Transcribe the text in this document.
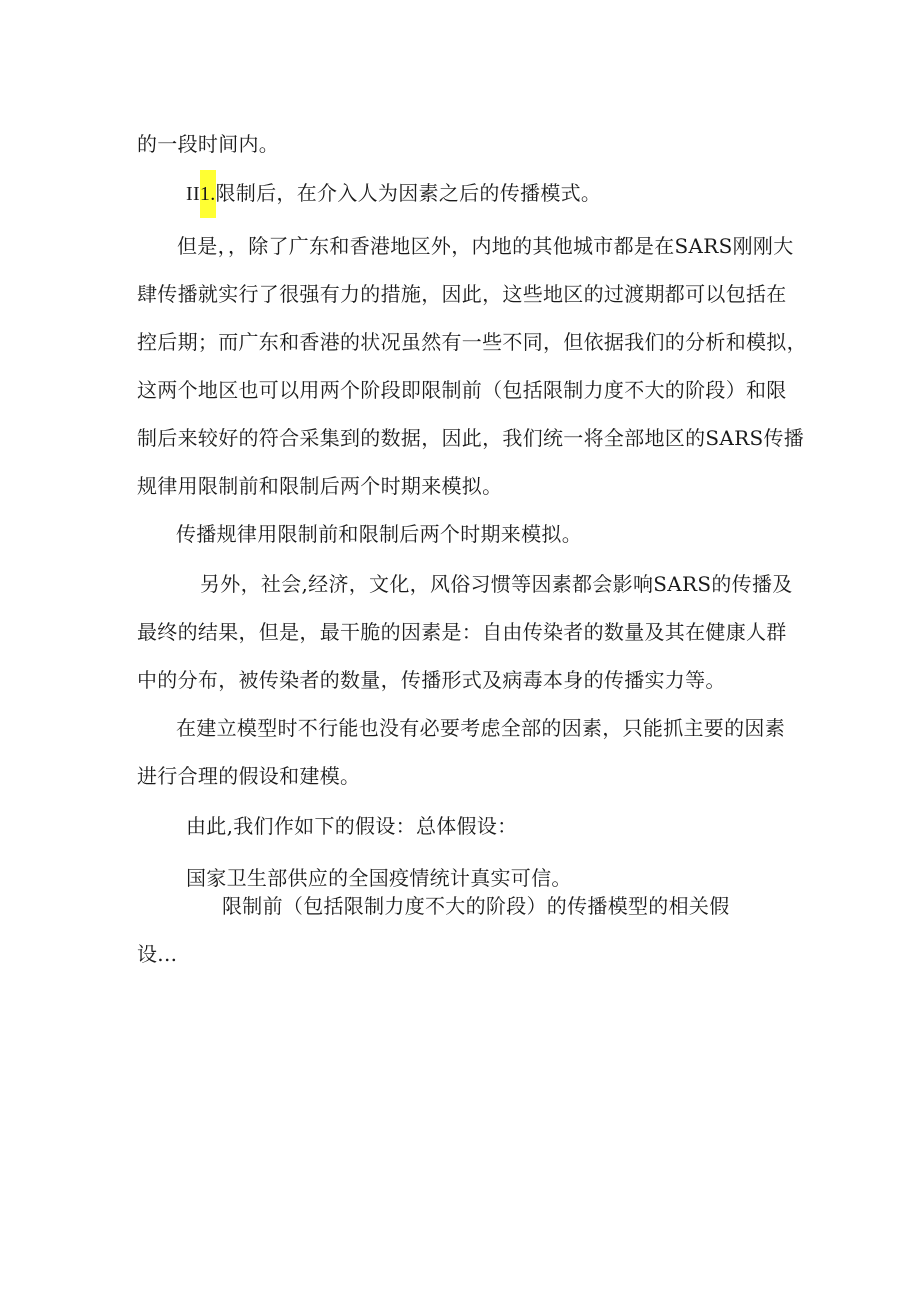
的一段时间内。
II1.限制后，在介入人为因素之后的传播模式。
但是，，除了广东和香港地区外，内地的其他城市都是在SARS刚刚大
肆传播就实行了很强有力的措施，因此，这些地区的过渡期都可以包括在
控后期；而广东和香港的状况虽然有一些不同，但依据我们的分析和模拟，
这两个地区也可以用两个阶段即限制前（包括限制力度不大的阶段）和限
制后来较好的符合采集到的数据，因此，我们统一将全部地区的SARS传播
规律用限制前和限制后两个时期来模拟。
传播规律用限制前和限制后两个时期来模拟。
另外，社会,经济，文化，风俗习惯等因素都会影响SARS的传播及
最终的结果，但是，最干脆的因素是：自由传染者的数量及其在健康人群
中的分布，被传染者的数量，传播形式及病毒本身的传播实力等。
在建立模型时不行能也没有必要考虑全部的因素，只能抓主要的因素
进行合理的假设和建模。
由此,我们作如下的假设：总体假设：
国家卫生部供应的全国疫情统计真实可信。
限制前（包括限制力度不大的阶段）的传播模型的相关假
设...
